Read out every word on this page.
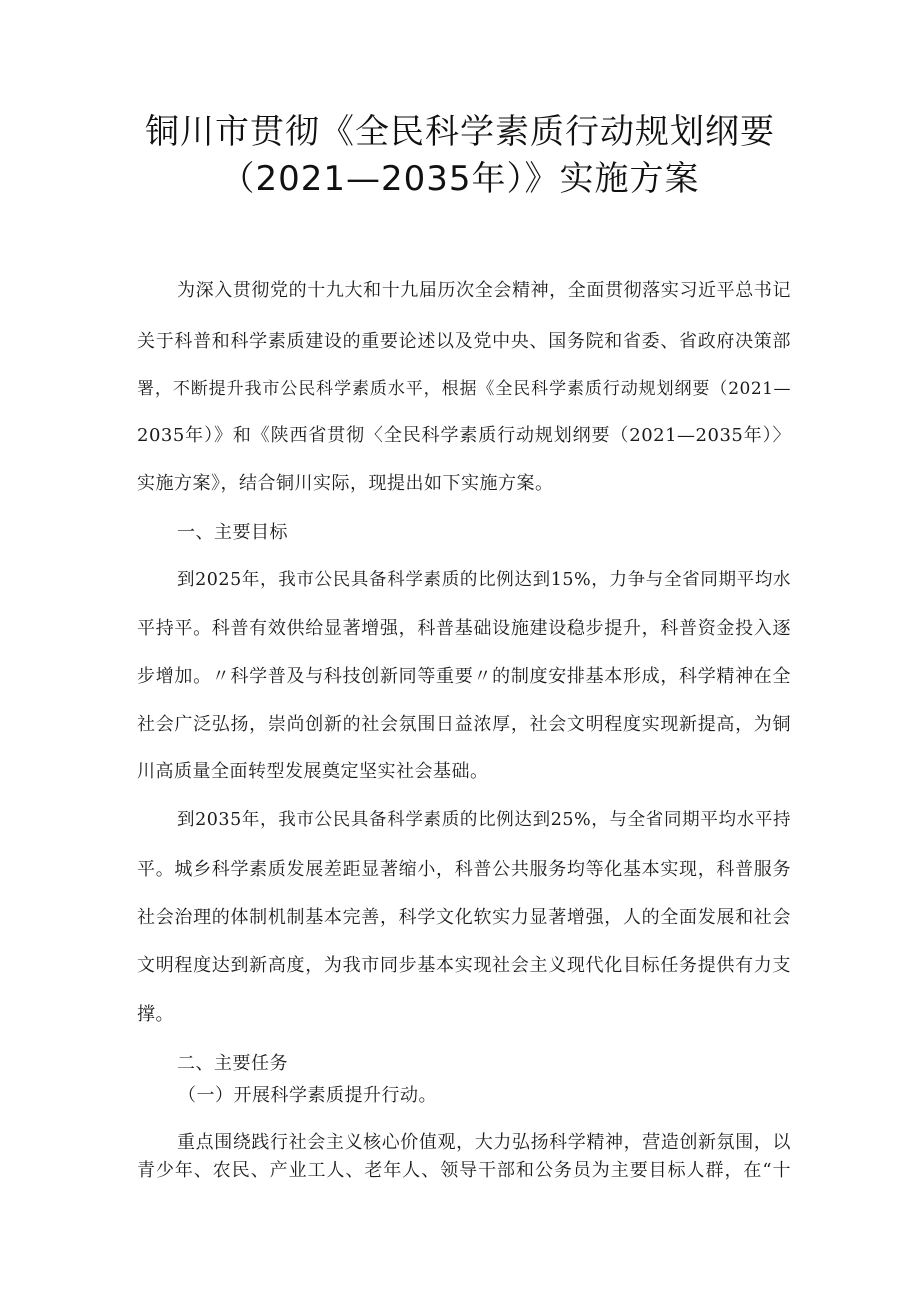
铜川市贯彻《全民科学素质行动规划纲要
（2021—2035年）》实施方案
为深入贯彻党的十九大和十九届历次全会精神，全面贯彻落实习近平总书记
关于科普和科学素质建设的重要论述以及党中央、国务院和省委、省政府决策部
署，不断提升我市公民科学素质水平，根据《全民科学素质行动规划纲要（2021—
2035年）》和《陕西省贯彻〈全民科学素质行动规划纲要（2021—2035年）〉
实施方案》，结合铜川实际，现提出如下实施方案。
一、主要目标
到2025年，我市公民具备科学素质的比例达到15%，力争与全省同期平均水
平持平。科普有效供给显著增强，科普基础设施建设稳步提升，科普资金投入逐
步增加。〃科学普及与科技创新同等重要〃的制度安排基本形成，科学精神在全
社会广泛弘扬，崇尚创新的社会氛围日益浓厚，社会文明程度实现新提高，为铜
川高质量全面转型发展奠定坚实社会基础。
到2035年，我市公民具备科学素质的比例达到25%，与全省同期平均水平持
平。城乡科学素质发展差距显著缩小，科普公共服务均等化基本实现，科普服务
社会治理的体制机制基本完善，科学文化软实力显著增强，人的全面发展和社会
文明程度达到新高度，为我市同步基本实现社会主义现代化目标任务提供有力支
撑。
二、主要任务
（一）开展科学素质提升行动。
重点围绕践行社会主义核心价值观，大力弘扬科学精神，营造创新氛围，以
青少年、农民、产业工人、老年人、领导干部和公务员为主要目标人群，在“十
